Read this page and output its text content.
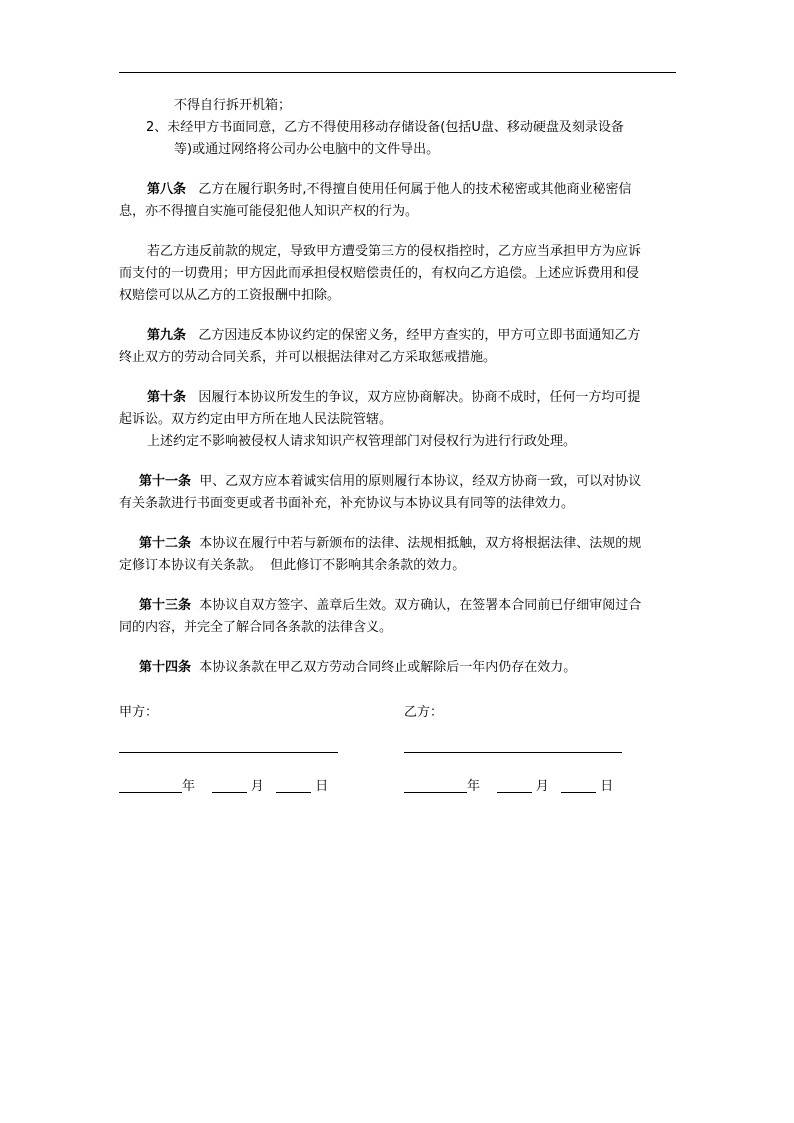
不得自行拆开机箱；
2、未经甲方书面同意，乙方不得使用移动存储设备(包括U盘、移动硬盘及刻录设备
等)或通过网络将公司办公电脑中的文件导出。
第八条 乙方在履行职务时,不得擅自使用任何属于他人的技术秘密或其他商业秘密信
息，亦不得擅自实施可能侵犯他人知识产权的行为。
若乙方违反前款的规定，导致甲方遭受第三方的侵权指控时，乙方应当承担甲方为应诉
而支付的一切费用；甲方因此而承担侵权赔偿责任的，有权向乙方追偿。上述应诉费用和侵
权赔偿可以从乙方的工资报酬中扣除。
第九条 乙方因违反本协议约定的保密义务，经甲方查实的，甲方可立即书面通知乙方
终止双方的劳动合同关系，并可以根据法律对乙方采取惩戒措施。
第十条 因履行本协议所发生的争议，双方应协商解决。协商不成时，任何一方均可提
起诉讼。双方约定由甲方所在地人民法院管辖。
上述约定不影响被侵权人请求知识产权管理部门对侵权行为进行行政处理。
第十一条 甲、乙双方应本着诚实信用的原则履行本协议，经双方协商一致，可以对协议
有关条款进行书面变更或者书面补充，补充协议与本协议具有同等的法律效力。
第十二条 本协议在履行中若与新颁布的法律、法规相抵触，双方将根据法律、法规的规
定修订本协议有关条款。  但此修订不影响其余条款的效力。
第十三条 本协议自双方签字、盖章后生效。双方确认，在签署本合同前已仔细审阅过合
同的内容，并完全了解合同各条款的法律含义。
第十四条 本协议条款在甲乙双方劳动合同终止或解除后一年内仍存在效力。
甲方：	乙方：
年	月	日	年	月	日
